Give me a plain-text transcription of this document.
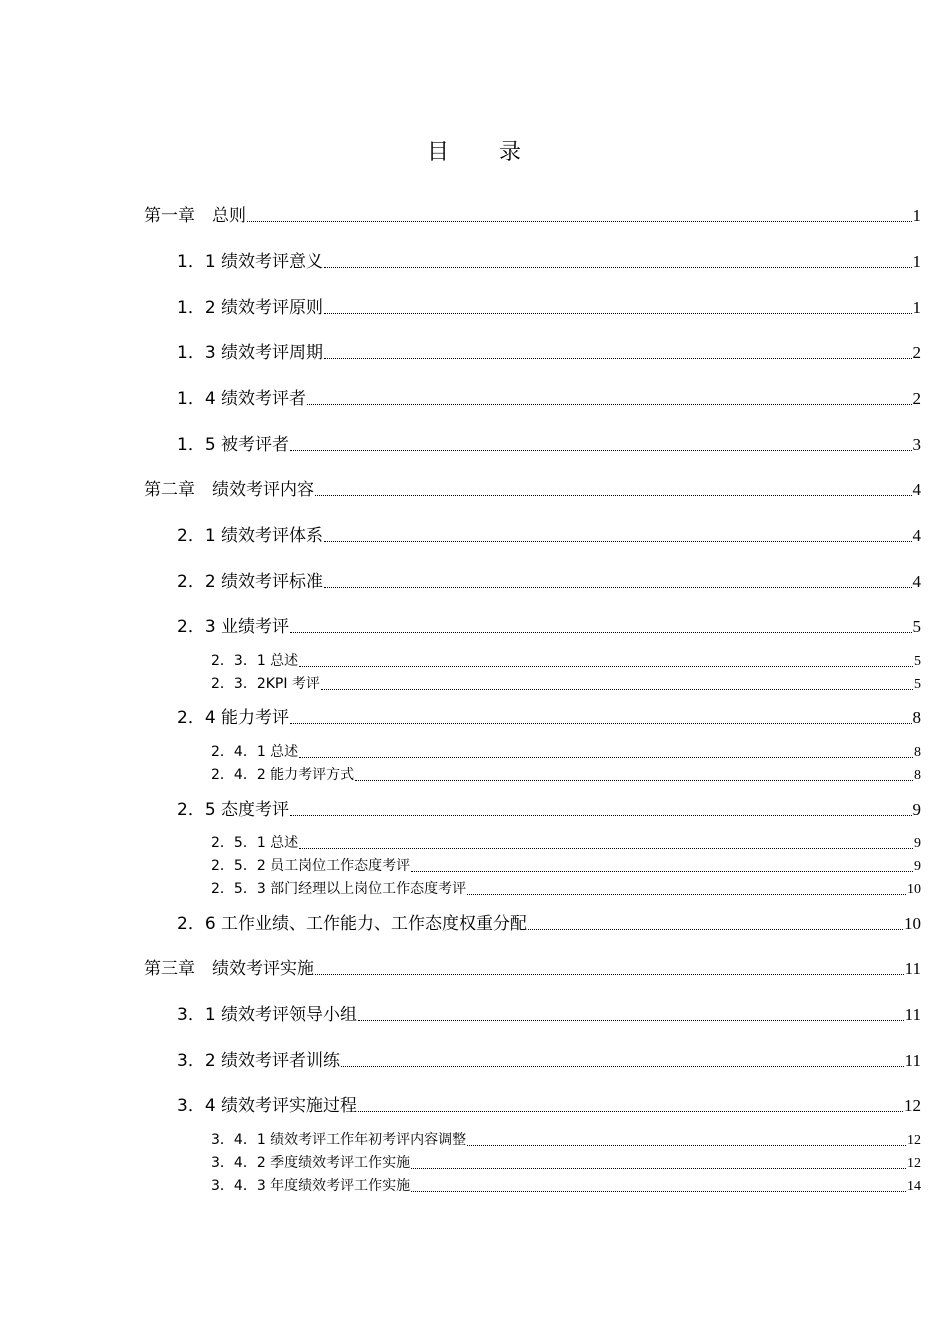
目 录
第一章　总则	1
1．1 绩效考评意义	1
1．2 绩效考评原则	1
1．3 绩效考评周期	2
1．4 绩效考评者	2
1．5 被考评者	3
第二章　绩效考评内容	4
2．1 绩效考评体系	4
2．2 绩效考评标准	4
2．3 业绩考评	5
2．3．1 总述	5
2．3．2KPI 考评	5
2．4 能力考评	8
2．4．1 总述	8
2．4．2 能力考评方式	8
2．5 态度考评	9
2．5．1 总述	9
2．5．2 员工岗位工作态度考评	9
2．5．3 部门经理以上岗位工作态度考评	10
2．6 工作业绩、工作能力、工作态度权重分配	10
第三章　绩效考评实施	11
3．1 绩效考评领导小组	11
3．2 绩效考评者训练	11
3．4 绩效考评实施过程	12
3．4．1 绩效考评工作年初考评内容调整	12
3．4．2 季度绩效考评工作实施	12
3．4．3 年度绩效考评工作实施	14
